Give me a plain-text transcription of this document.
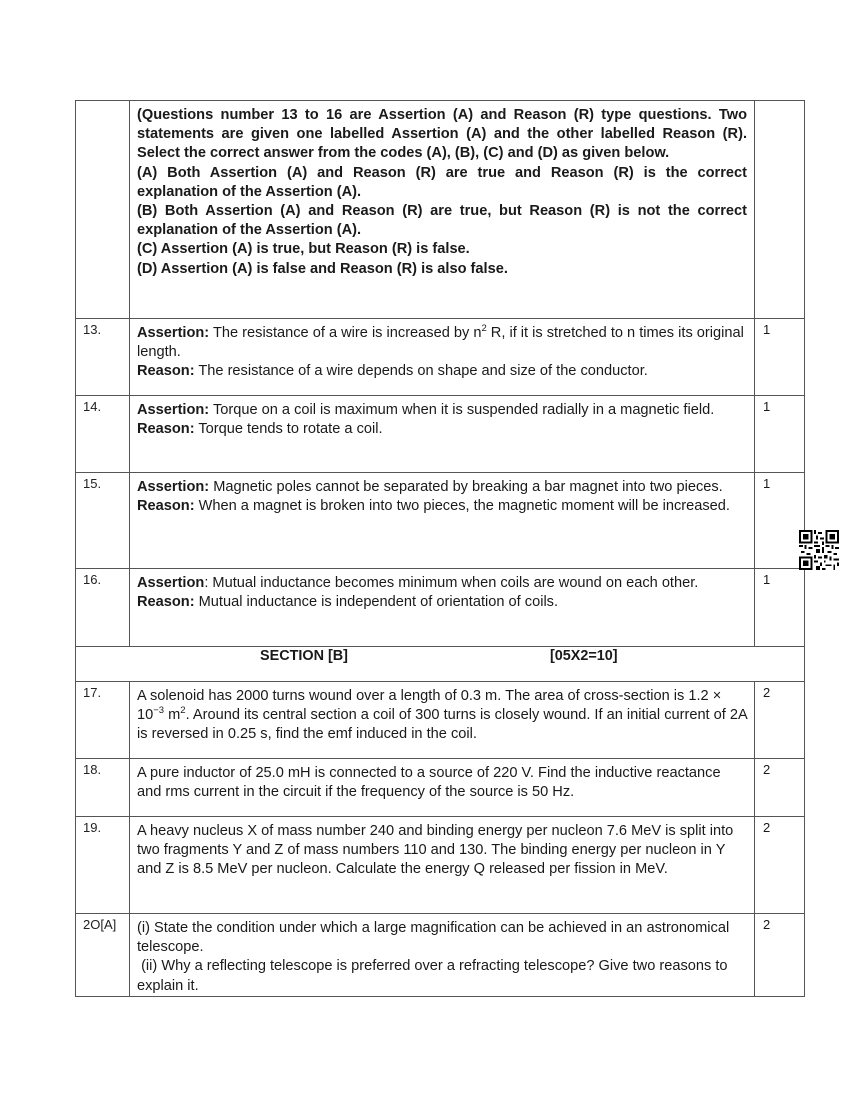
	(Questions number 13 to 16 are Assertion (A) and Reason (R) type questions. Two statements are given one labelled Assertion (A) and the other labelled Reason (R). Select the correct answer from the codes (A), (B), (C) and (D) as given below.

(A) Both Assertion (A) and Reason (R) are true and Reason (R) is the correct explanation of the Assertion (A).

(B) Both Assertion (A) and Reason (R) are true, but Reason (R) is not the correct explanation of the Assertion (A).

(C) Assertion (A) is true, but Reason (R) is false.

(D) Assertion (A) is false and Reason (R) is also false.	

13.	Assertion: The resistance of a wire is increased by $n^2$ R, if it is stretched to n times its original length.
Reason: The resistance of a wire depends on shape and size of the conductor.	1
14.	Assertion: Torque on a coil is maximum when it is suspended radially in a magnetic field.
Reason: Torque tends to rotate a coil.	1
15.	Assertion: Magnetic poles cannot be separated by breaking a bar magnet into two pieces.
Reason: When a magnet is broken into two pieces, the magnetic moment will be increased.	1
16.	Assertion: Mutual inductance becomes minimum when coils are wound on each other.
Reason: Mutual inductance is independent of orientation of coils.	1

SECTION [B] [05X2=10]		

17.	A solenoid has 2000 turns wound over a length of 0.3 m. The area of cross-section is $1.2 \times 10^{-3}$ $m^2$. Around its central section a coil of 300 turns is closely wound. If an initial current of 2A is reversed in 0.25 s, find the emf induced in the coil.	2
18.	A pure inductor of 25.0 mH is connected to a source of 220 V. Find the inductive reactance and rms current in the circuit if the frequency of the source is 50 Hz.	2
19.	A heavy nucleus X of mass number 240 and binding energy per nucleon 7.6 MeV is split into two fragments Y and Z of mass numbers 110 and 130. The binding energy per nucleon in Y and Z is 8.5 MeV per nucleon. Calculate the energy Q released per fission in MeV.	2
2O[A]	(i) State the condition under which a large magnification can be achieved in an astronomical telescope.
(ii) Why a reflecting telescope is preferred over a refracting telescope? Give two reasons to explain it.	2
